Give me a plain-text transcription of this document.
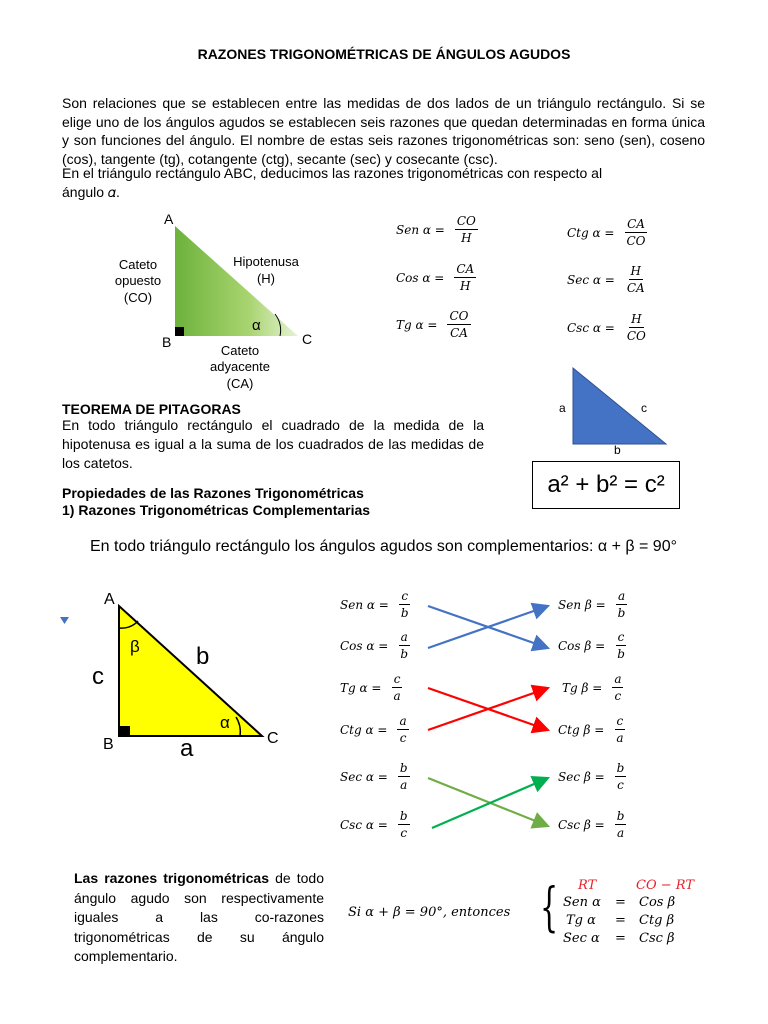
RAZONES TRIGONOMÉTRICAS DE ÁNGULOS AGUDOS
Son relaciones que se establecen entre las medidas de dos lados de un triángulo rectángulo. Si se elige uno de los ángulos agudos se establecen seis razones que quedan determinadas en forma única y son funciones del ángulo. El nombre de estas seis razones trigonométricas son: seno (sen), coseno (cos), tangente (tg), cotangente (ctg), secante (sec) y cosecante (csc).
En el triángulo rectángulo ABC, deducimos las razones trigonométricas con respecto al
ángulo 𝛼.
A
B	C
Cateto
opuesto
(CO)
Hipotenusa
(H)
Cateto
adyacente
(CA)
α
Sen $\alpha = \frac{CO}{H}$
Cos $\alpha = \frac{CA}{H}$
Tg $\alpha = \frac{CO}{CA}$
Ctg $\alpha = \frac{CA}{CO}$
Sec $\alpha = \frac{H}{CA}$
Csc $\alpha = \frac{H}{CO}$
TEOREMA DE PITAGORAS
En todo triángulo rectángulo el cuadrado de la medida de la hipotenusa es igual a la suma de los cuadrados de las medidas de los catetos.
a	c
b
a² + b² = c²
Propiedades de las Razones Trigonométricas
1) Razones Trigonométricas Complementarias
En todo triángulo rectángulo los ángulos agudos son complementarios: α + β = 90°
A
B	C
c
b
a
β
α
Sen $\alpha = \frac{c}{b}$
Cos $\alpha = \frac{a}{b}$
Tg $\alpha = \frac{c}{a}$
Ctg $\alpha = \frac{a}{c}$
Sec $\alpha = \frac{b}{a}$
Csc $\alpha = \frac{b}{c}$
Sen $\beta = \frac{a}{b}$
Cos $\beta = \frac{c}{b}$
Tg $\beta = \frac{a}{c}$
Ctg $\beta = \frac{c}{a}$
Sec $\beta = \frac{b}{c}$
Csc $\beta = \frac{b}{a}$
Las razones trigonométricas de todo ángulo agudo son respectivamente iguales a las co-razones trigonométricas de su ángulo complementario.
Si α + β = 90°, entonces { RT	CO − RT
Sen α = Cos β
Tg α = Ctg β
Sec α = Csc β
